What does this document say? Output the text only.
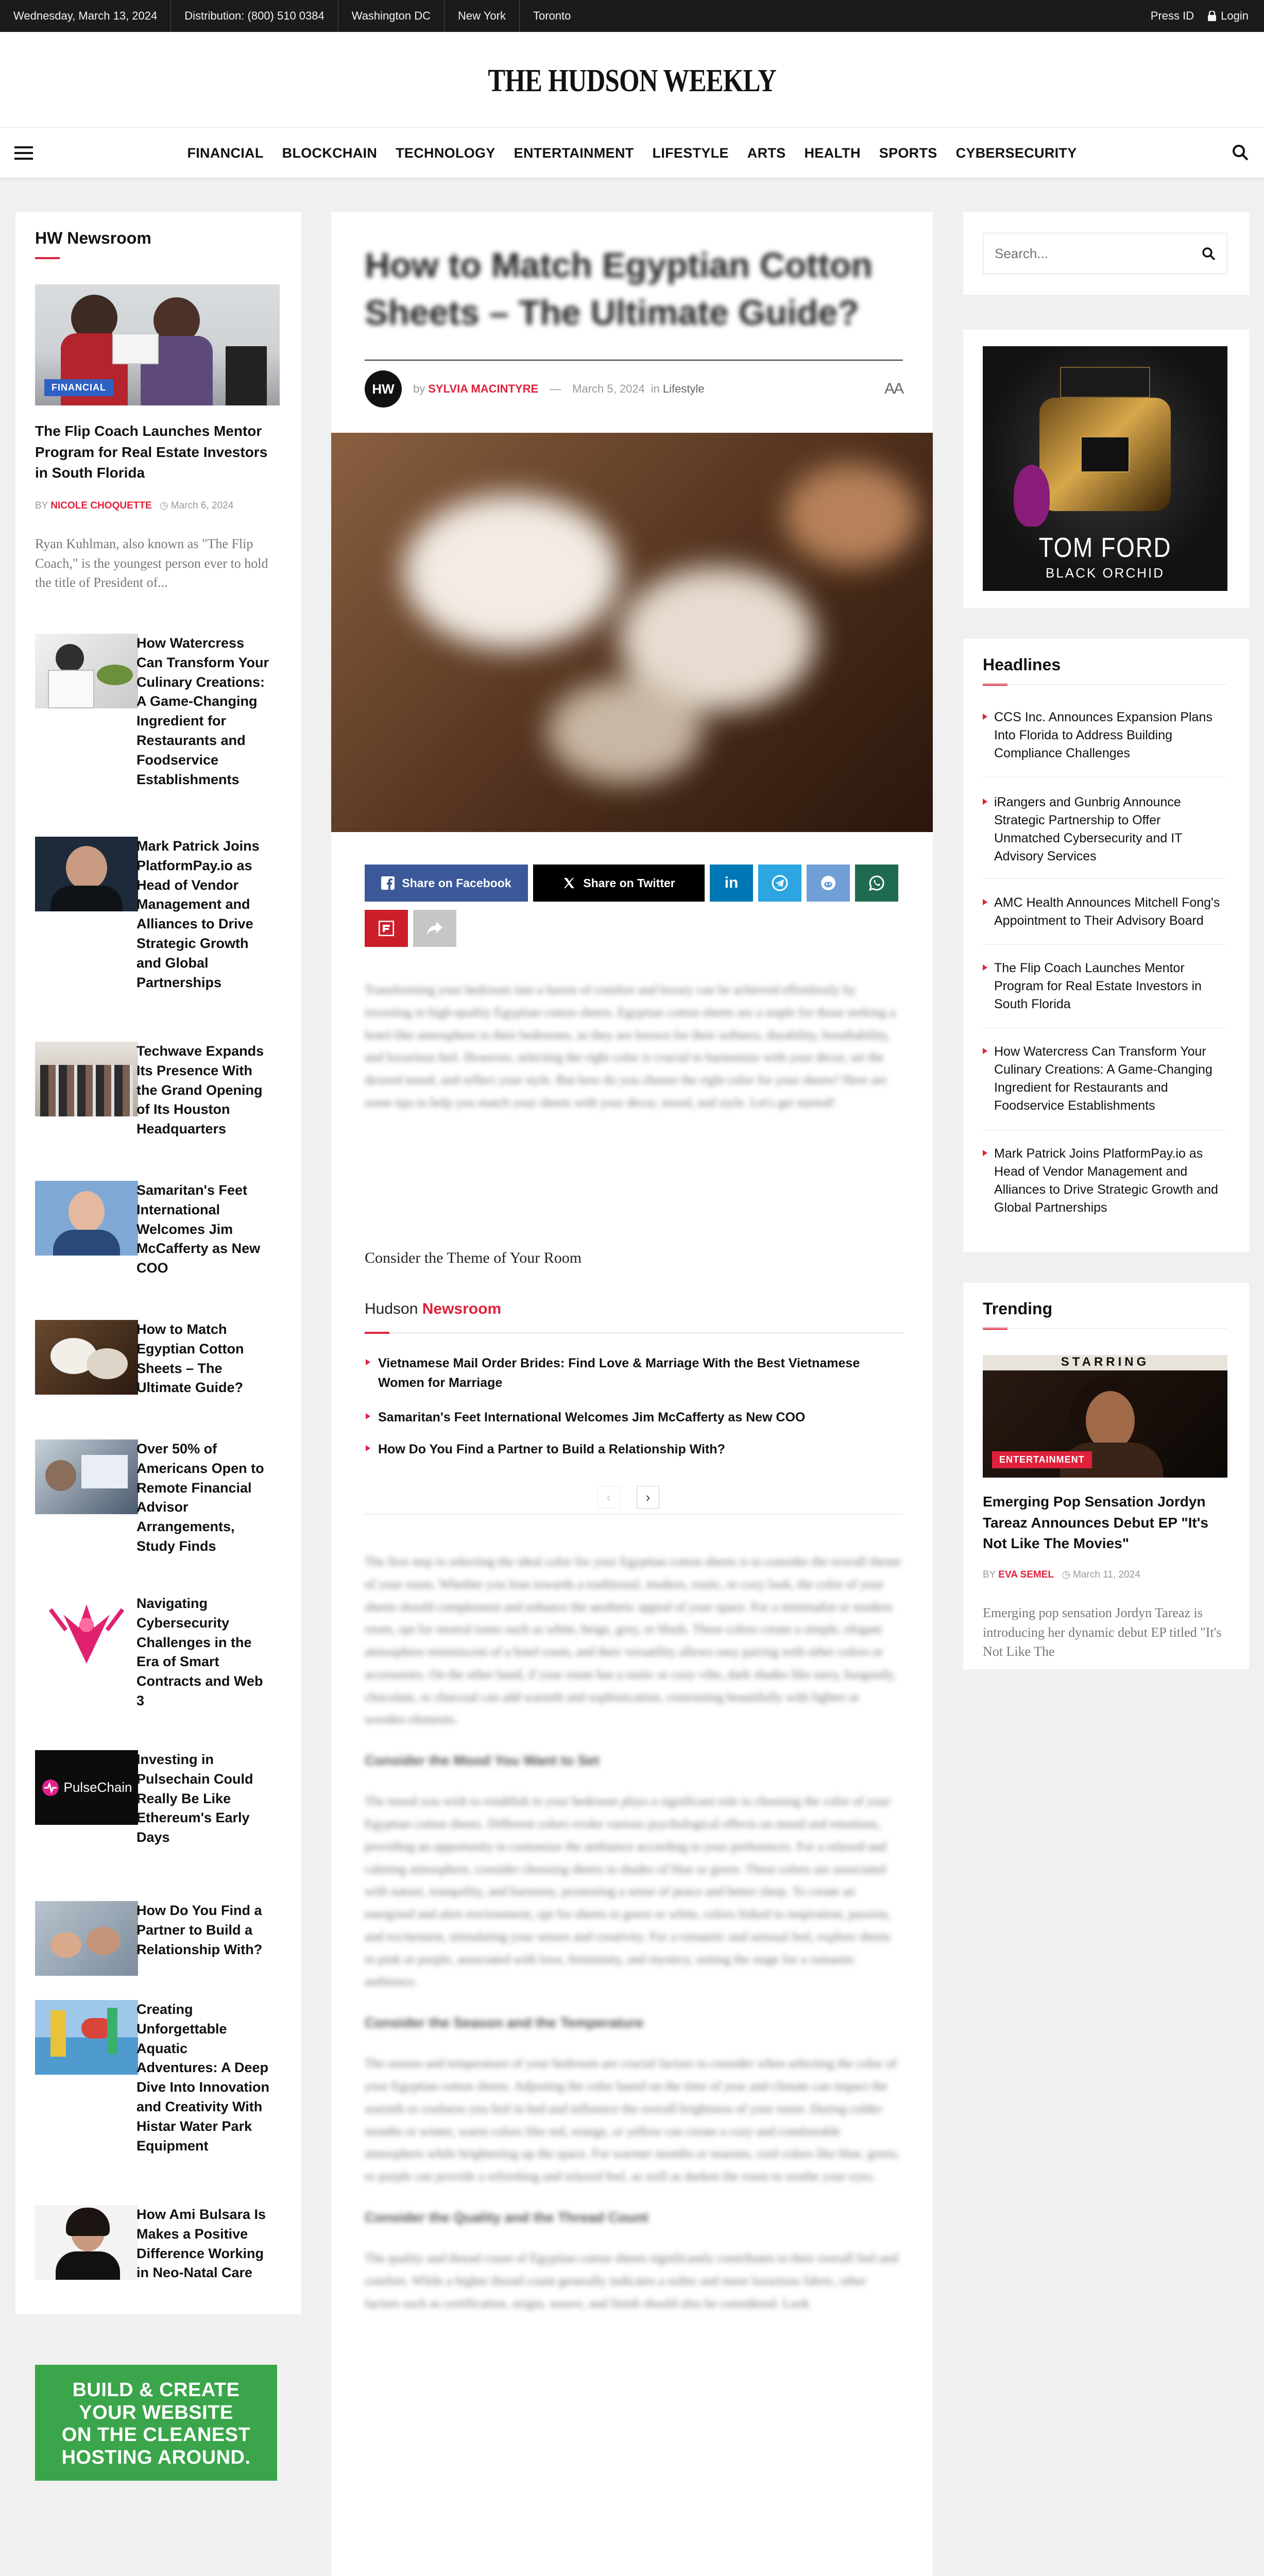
Wednesday, March 13, 2024	Distribution: (800) 510 0384	Washington DC	New York	Toronto	Press ID Login
THE HUDSON WEEKLY
FINANCIAL BLOCKCHAIN TECHNOLOGY ENTERTAINMENT LIFESTYLE ARTS HEALTH SPORTS CYBERSECURITY
HW Newsroom
FINANCIAL
The Flip Coach Launches Mentor Program for Real Estate Investors in South Florida
BY NICOLE CHOQUETTE ◷ March 6, 2024
Ryan Kuhlman, also known as "The Flip Coach," is the youngest person ever to hold the title of President of...
How Watercress Can Transform Your Culinary Creations: A Game-Changing Ingredient for Restaurants and Foodservice Establishments
Mark Patrick Joins PlatformPay.io as Head of Vendor Management and Alliances to Drive Strategic Growth and Global Partnerships
Techwave Expands Its Presence With the Grand Opening of Its Houston Headquarters
Samaritan's Feet International Welcomes Jim McCafferty as New COO
How to Match Egyptian Cotton Sheets – The Ultimate Guide?
Over 50% of Americans Open to Remote Financial Advisor Arrangements, Study Finds
Navigating Cybersecurity Challenges in the Era of Smart Contracts and Web 3
PulseChain
Investing in Pulsechain Could Really Be Like Ethereum's Early Days
How Do You Find a Partner to Build a Relationship With?
Creating Unforgettable Aquatic Adventures: A Deep Dive Into Innovation and Creativity With Histar Water Park Equipment
How Ami Bulsara Is Makes a Positive Difference Working in Neo-Natal Care
BUILD & CREATE
YOUR WEBSITE
ON THE CLEANEST
HOSTING AROUND.
How to Match Egyptian Cotton Sheets – The Ultimate Guide?
HW	by SYLVIA MACINTYRE — March 5, 2024 in Lifestyle	AA
Share on Facebook	Share on Twitter	in

Transforming your bedroom into a haven of comfort and luxury can be achieved effortlessly by investing in high-quality Egyptian cotton sheets. Egyptian cotton sheets are a staple for those seeking a hotel-like atmosphere in their bedrooms, as they are known for their softness, durability, breathability, and luxurious feel. However, selecting the right color is crucial to harmonize with your decor, set the desired mood, and reflect your style. But how do you choose the right color for your sheets? Here are some tips to help you match your sheets with your decor, mood, and style. Let's get started!

Consider the Theme of Your Room
Hudson Newsroom
Vietnamese Mail Order Brides: Find Love & Marriage With the Best Vietnamese Women for Marriage
Samaritan's Feet International Welcomes Jim McCafferty as New COO
How Do You Find a Partner to Build a Relationship With?
‹	›

The first step in selecting the ideal color for your Egyptian cotton sheets is to consider the overall theme of your room. Whether you lean towards a traditional, modern, rustic, or cozy look, the color of your sheets should complement and enhance the aesthetic appeal of your space. For a minimalist or modern room, opt for neutral tones such as white, beige, grey, or blush. These colors create a simple, elegant atmosphere reminiscent of a hotel room, and their versatility allows easy pairing with other colors or accessories. On the other hand, if your room has a rustic or cozy vibe, dark shades like navy, burgundy, chocolate, or charcoal can add warmth and sophistication, contrasting beautifully with lighter or wooden elements.

Consider the Mood You Want to Set

The mood you wish to establish in your bedroom plays a significant role in choosing the color of your Egyptian cotton sheets. Different colors evoke various psychological effects on mood and emotions, providing an opportunity to customize the ambiance according to your preferences. For a relaxed and calming atmosphere, consider choosing sheets in shades of blue or green. These colors are associated with nature, tranquility, and harmony, promoting a sense of peace and better sleep. To create an energized and alert environment, opt for sheets in green or white, colors linked to inspiration, passion, and excitement, stimulating your senses and creativity. For a romantic and sensual feel, explore sheets in pink or purple, associated with love, femininity, and mystery, setting the stage for a romantic ambience.

Consider the Season and the Temperature

The season and temperature of your bedroom are crucial factors to consider when selecting the color of your Egyptian cotton sheets. Adjusting the color based on the time of year and climate can impact the warmth or coolness you feel in bed and influence the overall brightness of your room. During colder months or winter, warm colors like red, orange, or yellow can create a cozy and comfortable atmosphere while brightening up the space. For warmer months or seasons, cool colors like blue, green, or purple can provide a refreshing and relaxed feel, as well as darken the room to soothe your eyes.

Consider the Quality and the Thread Count

The quality and thread count of Egyptian cotton sheets significantly contributes to their overall feel and comfort. While a higher thread count generally indicates a softer and more luxurious fabric, other factors such as certification, origin, weave, and finish should also be considered. Look

Search...
TOM FORD
BLACK ORCHID
Headlines
CCS Inc. Announces Expansion Plans Into Florida to Address Building Compliance Challenges
iRangers and Gunbrig Announce Strategic Partnership to Offer Unmatched Cybersecurity and IT Advisory Services
AMC Health Announces Mitchell Fong's Appointment to Their Advisory Board
The Flip Coach Launches Mentor Program for Real Estate Investors in South Florida
How Watercress Can Transform Your Culinary Creations: A Game-Changing Ingredient for Restaurants and Foodservice Establishments
Mark Patrick Joins PlatformPay.io as Head of Vendor Management and Alliances to Drive Strategic Growth and Global Partnerships
Trending
STARRING
ENTERTAINMENT
Emerging Pop Sensation Jordyn Tareaz Announces Debut EP "It's Not Like The Movies"
BY EVA SEMEL ◷ March 11, 2024
Emerging pop sensation Jordyn Tareaz is introducing her dynamic debut EP titled "It's Not Like The
